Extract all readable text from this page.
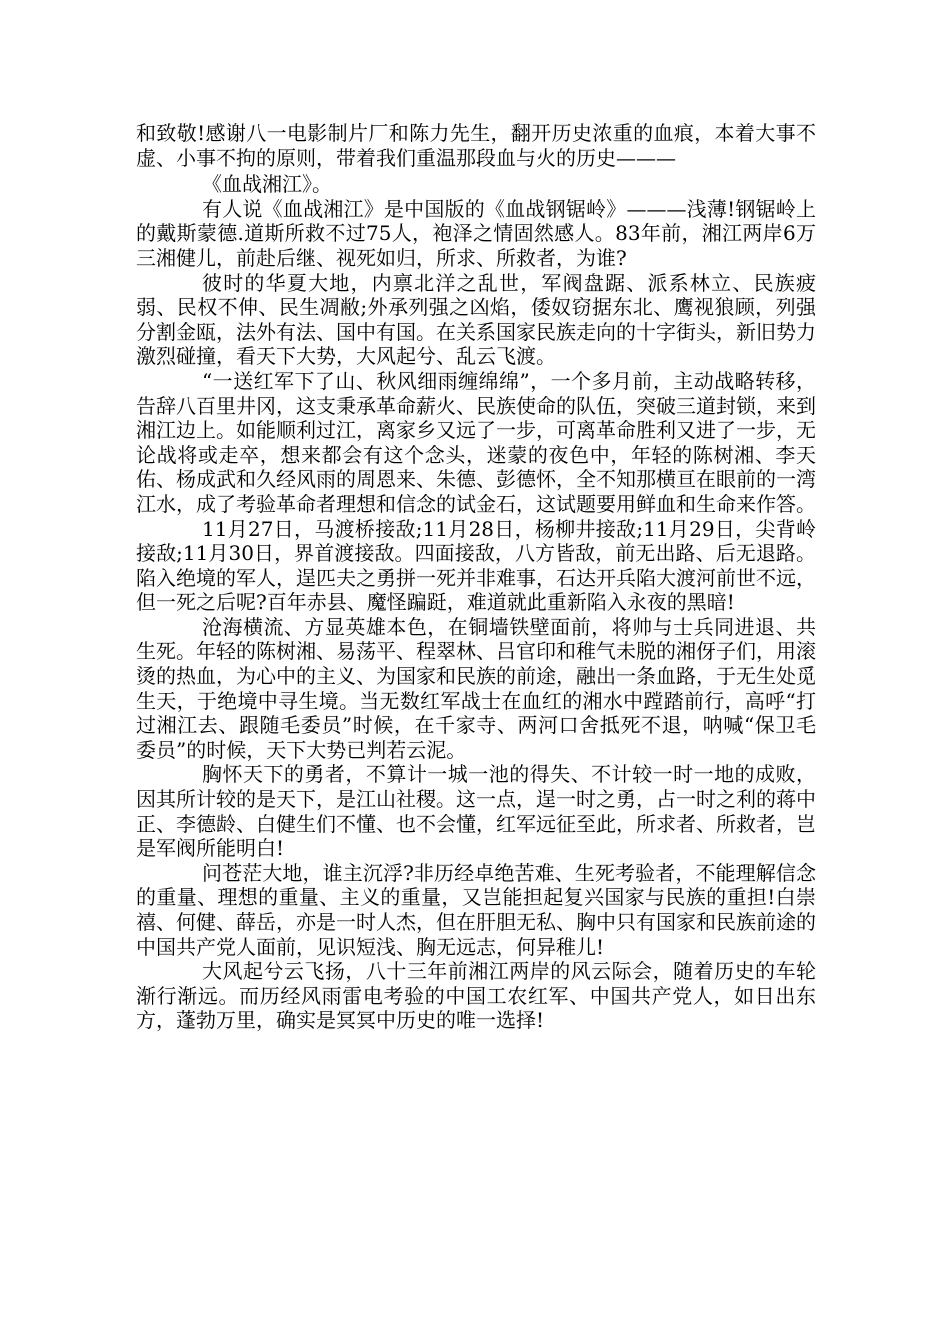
和致敬!感谢八一电影制片厂和陈力先生，翻开历史浓重的血痕，本着大事不虚、小事不拘的原则，带着我们重温那段血与火的历史———

《血战湘江》。

有人说《血战湘江》是中国版的《血战钢锯岭》———浅薄!钢锯岭上的戴斯蒙德.道斯所救不过75人，袍泽之情固然感人。83年前，湘江两岸6万三湘健儿，前赴后继、视死如归，所求、所救者，为谁?

彼时的华夏大地，内禀北洋之乱世，军阀盘踞、派系林立、民族疲弱、民权不伸、民生凋敝;外承列强之凶焰，倭奴窃据东北、鹰视狼顾，列强分割金瓯，法外有法、国中有国。在关系国家民族走向的十字街头，新旧势力激烈碰撞，看天下大势，大风起兮、乱云飞渡。

“一送红军下了山、秋风细雨缠绵绵”，一个多月前，主动战略转移，告辞八百里井冈，这支秉承革命薪火、民族使命的队伍，突破三道封锁，来到湘江边上。如能顺利过江，离家乡又远了一步，可离革命胜利又进了一步，无论战将或走卒，想来都会有这个念头，迷蒙的夜色中，年轻的陈树湘、李天佑、杨成武和久经风雨的周恩来、朱德、彭德怀，全不知那横亘在眼前的一湾江水，成了考验革命者理想和信念的试金石，这试题要用鲜血和生命来作答。

11月27日，马渡桥接敌;11月28日，杨柳井接敌;11月29日，尖背岭接敌;11月30日，界首渡接敌。四面接敌，八方皆敌，前无出路、后无退路。陷入绝境的军人，逞匹夫之勇拼一死并非难事，石达开兵陷大渡河前世不远，但一死之后呢?百年赤县、魔怪蹁跹，难道就此重新陷入永夜的黑暗!

沧海横流、方显英雄本色，在铜墙铁壁面前，将帅与士兵同进退、共生死。年轻的陈树湘、易荡平、程翠林、吕官印和稚气未脱的湘伢子们，用滚烫的热血，为心中的主义、为国家和民族的前途，融出一条血路，于无生处觅生天，于绝境中寻生境。当无数红军战士在血红的湘水中蹚踏前行，高呼“打过湘江去、跟随毛委员”时候，在千家寺、两河口舍抵死不退，呐喊“保卫毛委员”的时候，天下大势已判若云泥。

胸怀天下的勇者，不算计一城一池的得失、不计较一时一地的成败，因其所计较的是天下，是江山社稷。这一点，逞一时之勇，占一时之利的蒋中正、李德龄、白健生们不懂、也不会懂，红军远征至此，所求者、所救者，岂是军阀所能明白!

问苍茫大地，谁主沉浮?非历经卓绝苦难、生死考验者，不能理解信念的重量、理想的重量、主义的重量，又岂能担起复兴国家与民族的重担!白崇禧、何健、薛岳，亦是一时人杰，但在肝胆无私、胸中只有国家和民族前途的中国共产党人面前，见识短浅、胸无远志，何异稚儿!

大风起兮云飞扬，八十三年前湘江两岸的风云际会，随着历史的车轮渐行渐远。而历经风雨雷电考验的中国工农红军、中国共产党人，如日出东方，蓬勃万里，确实是冥冥中历史的唯一选择!
